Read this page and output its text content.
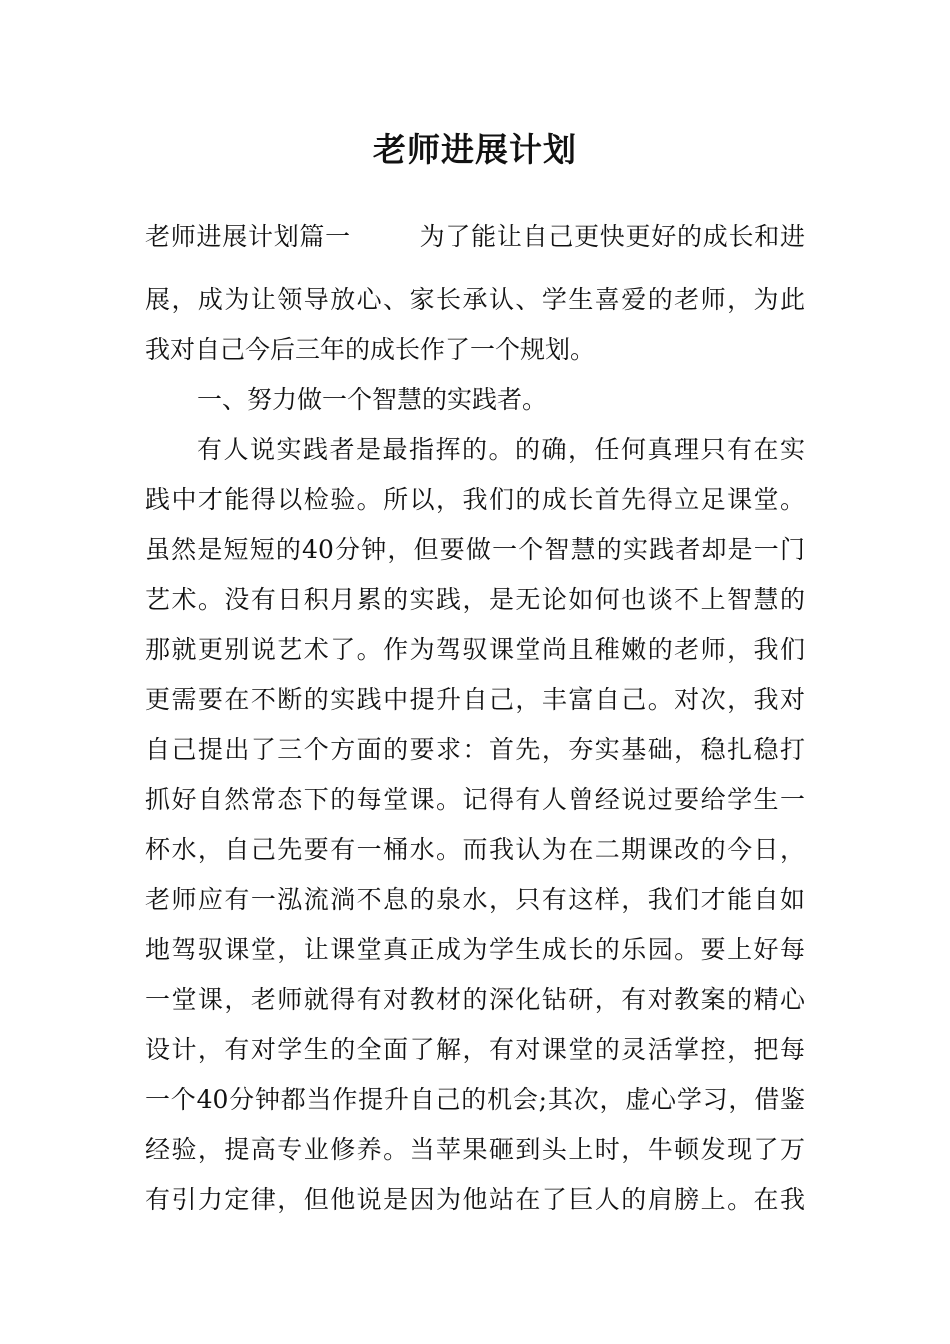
老师进展计划
老师进展计划篇一	为了能让自己更快更好的成长和进
展，成为让领导放心、家长承认、学生喜爱的老师，为此
我对自己今后三年的成长作了一个规划。
一、努力做一个智慧的实践者。
有人说实践者是最指挥的。的确，任何真理只有在实
践中才能得以检验。所以，我们的成长首先得立足课堂。
虽然是短短的40分钟，但要做一个智慧的实践者却是一门
艺术。没有日积月累的实践，是无论如何也谈不上智慧的
那就更别说艺术了。作为驾驭课堂尚且稚嫩的老师，我们
更需要在不断的实践中提升自己，丰富自己。对次，我对
自己提出了三个方面的要求：首先，夯实基础，稳扎稳打
抓好自然常态下的每堂课。记得有人曾经说过要给学生一
杯水，自己先要有一桶水。而我认为在二期课改的今日，
老师应有一泓流淌不息的泉水，只有这样，我们才能自如
地驾驭课堂，让课堂真正成为学生成长的乐园。要上好每
一堂课，老师就得有对教材的深化钻研，有对教案的精心
设计，有对学生的全面了解，有对课堂的灵活掌控，把每
一个40分钟都当作提升自己的机会;其次，虚心学习，借鉴
经验，提高专业修养。当苹果砸到头上时，牛顿发现了万
有引力定律，但他说是因为他站在了巨人的肩膀上。在我
